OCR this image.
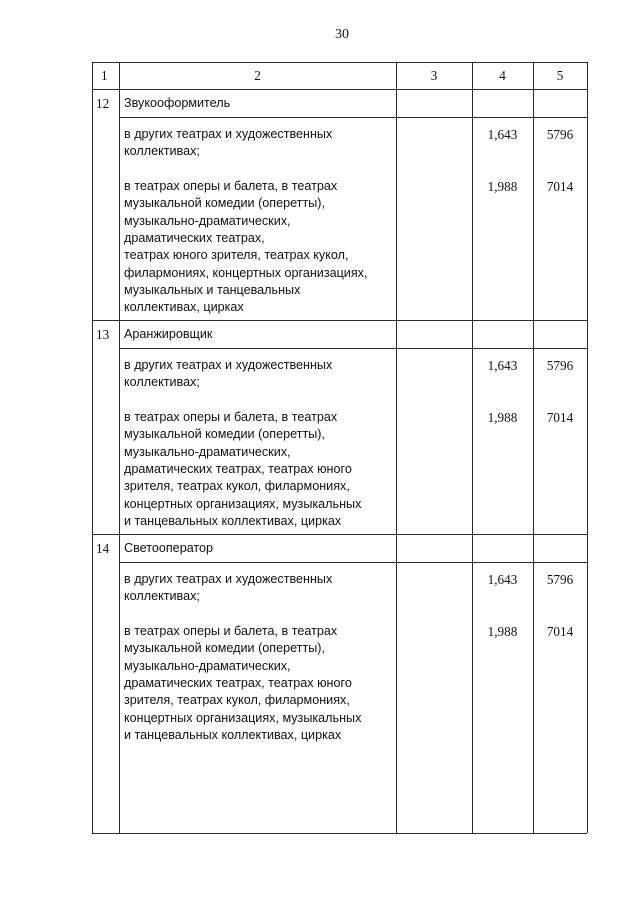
30
1	2	3	4	5
12 Звукооформитель
в других театрах и художественных
коллективах;
1,643	5796
в театрах оперы и балета, в театрах
музыкальной комедии (оперетты),
музыкально-драматических,
драматических театрах,
театрах юного зрителя, театрах кукол,
филармониях, концертных организациях,
музыкальных и танцевальных
коллективах, цирках
1,988	7014
13 Аранжировщик
в других театрах и художественных
коллективах;
1,643	5796
в театрах оперы и балета, в театрах
музыкальной комедии (оперетты),
музыкально-драматических,
драматических театрах, театрах юного
зрителя, театрах кукол, филармониях,
концертных организациях, музыкальных
и танцевальных коллективах, цирках
1,988	7014
14 Светооператор
в других театрах и художественных
коллективах;
1,643	5796
в театрах оперы и балета, в театрах
музыкальной комедии (оперетты),
музыкально-драматических,
драматических театрах, театрах юного
зрителя, театрах кукол, филармониях,
концертных организациях, музыкальных
и танцевальных коллективах, цирках
1,988	7014
